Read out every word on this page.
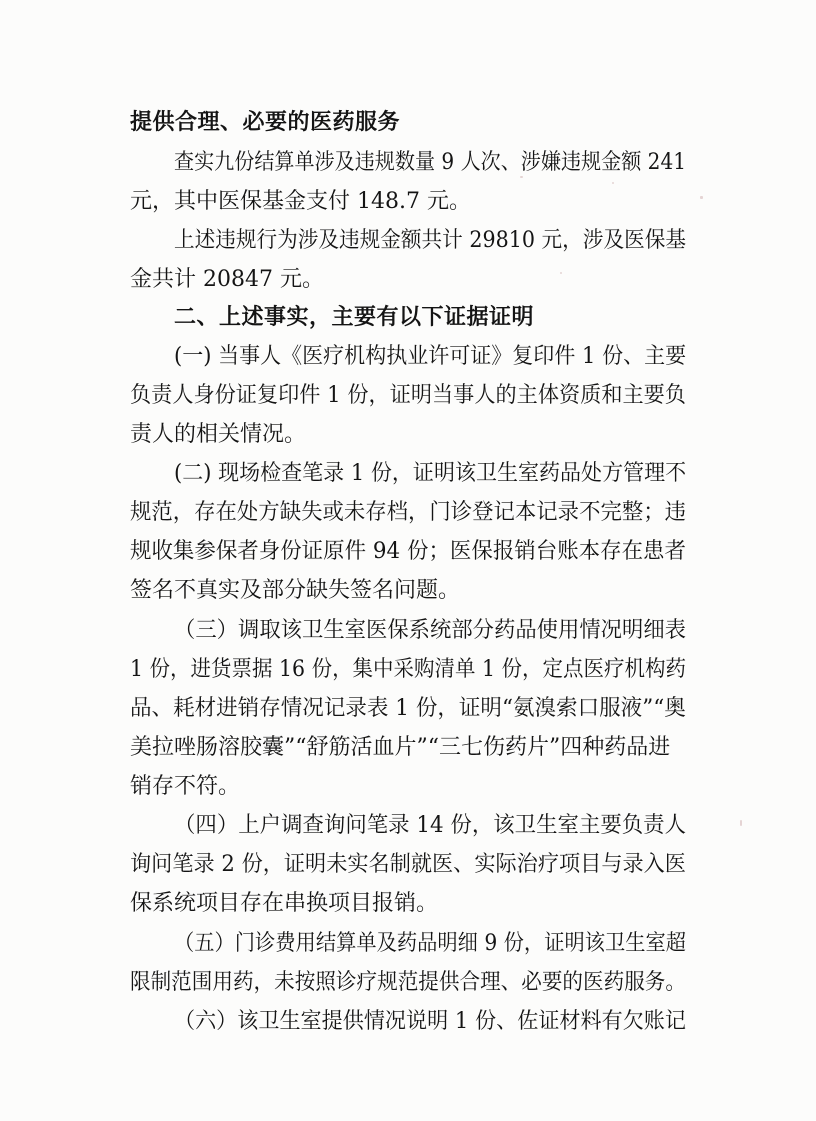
提供合理、必要的医药服务
查实九份结算单涉及违规数量 9 人次、涉嫌违规金额 241
元，其中医保基金支付 148.7 元。
上述违规行为涉及违规金额共计 29810 元，涉及医保基
金共计 20847 元。
二、上述事实，主要有以下证据证明
(一) 当事人《医疗机构执业许可证》复印件 1 份、主要
负责人身份证复印件 1 份，证明当事人的主体资质和主要负
责人的相关情况。
(二) 现场检查笔录 1 份，证明该卫生室药品处方管理不
规范，存在处方缺失或未存档，门诊登记本记录不完整；违
规收集参保者身份证原件 94 份；医保报销台账本存在患者
签名不真实及部分缺失签名问题。
（三）调取该卫生室医保系统部分药品使用情况明细表
1 份，进货票据 16 份，集中采购清单 1 份，定点医疗机构药
品、耗材进销存情况记录表 1 份，证明“氨溴索口服液”“奥
美拉唑肠溶胶囊”“舒筋活血片”“三七伤药片”四种药品进
销存不符。
（四）上户调查询问笔录 14 份，该卫生室主要负责人
询问笔录 2 份，证明未实名制就医、实际治疗项目与录入医
保系统项目存在串换项目报销。
（五）门诊费用结算单及药品明细 9 份，证明该卫生室超
限制范围用药，未按照诊疗规范提供合理、必要的医药服务。
（六）该卫生室提供情况说明 1 份、佐证材料有欠账记
